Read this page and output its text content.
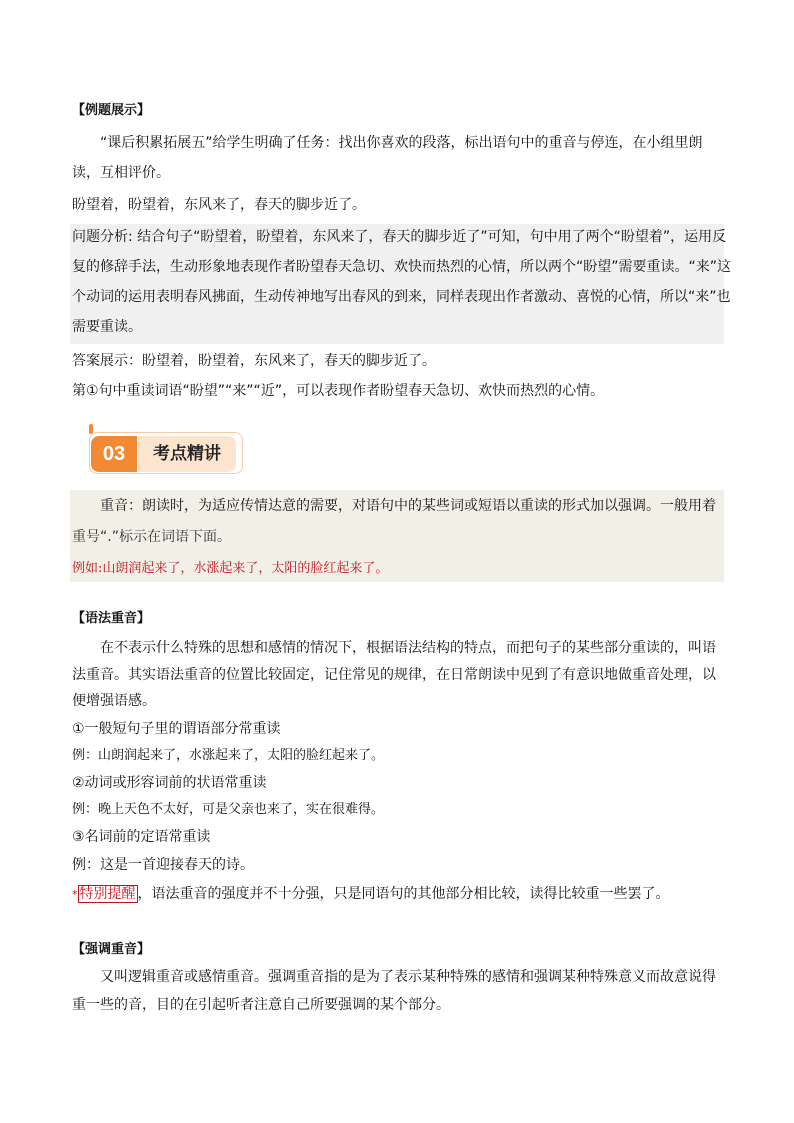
【例题展示】
“课后积累拓展五”给学生明确了任务：找出你喜欢的段落，标出语句中的重音与停连，在小组里朗
读，互相评价。
盼望着，盼望着，东风来了，春天的脚步近了。
问题分析: 结合句子“盼望着，盼望着，东风来了，春天的脚步近了”可知，句中用了两个“盼望着”，运用反
复的修辞手法，生动形象地表现作者盼望春天急切、欢快而热烈的心情，所以两个“盼望”需要重读。“来”这
个动词的运用表明春风拂面，生动传神地写出春风的到来，同样表现出作者激动、喜悦的心情，所以“来”也
需要重读。
答案展示：盼望着，盼望着，东风来了，春天的脚步近了。
第①句中重读词语“盼望”“来”“近”，可以表现作者盼望春天急切、欢快而热烈的心情。
03	考点精讲
重音：朗读时，为适应传情达意的需要，对语句中的某些词或短语以重读的形式加以强调。一般用着
重号“.”标示在词语下面。
例如:山朗润起来了，水涨起来了，太阳的脸红起来了。
【语法重音】
在不表示什么特殊的思想和感情的情况下，根据语法结构的特点，而把句子的某些部分重读的，叫语
法重音。其实语法重音的位置比较固定，记住常见的规律，在日常朗读中见到了有意识地做重音处理，以
便增强语感。
①一般短句子里的谓语部分常重读
例：山朗润起来了，水涨起来了，太阳的脸红起来了。
②动词或形容词前的状语常重读
例：晚上天色不太好，可是父亲也来了，实在很难得。
③名词前的定语常重读
例：这是一首迎接春天的诗。
* 特别提醒 ，语法重音的强度并不十分强，只是同语句的其他部分相比较，读得比较重一些罢了。
【强调重音】
又叫逻辑重音或感情重音。强调重音指的是为了表示某种特殊的感情和强调某种特殊意义而故意说得
重一些的音，目的在引起听者注意自己所要强调的某个部分。
